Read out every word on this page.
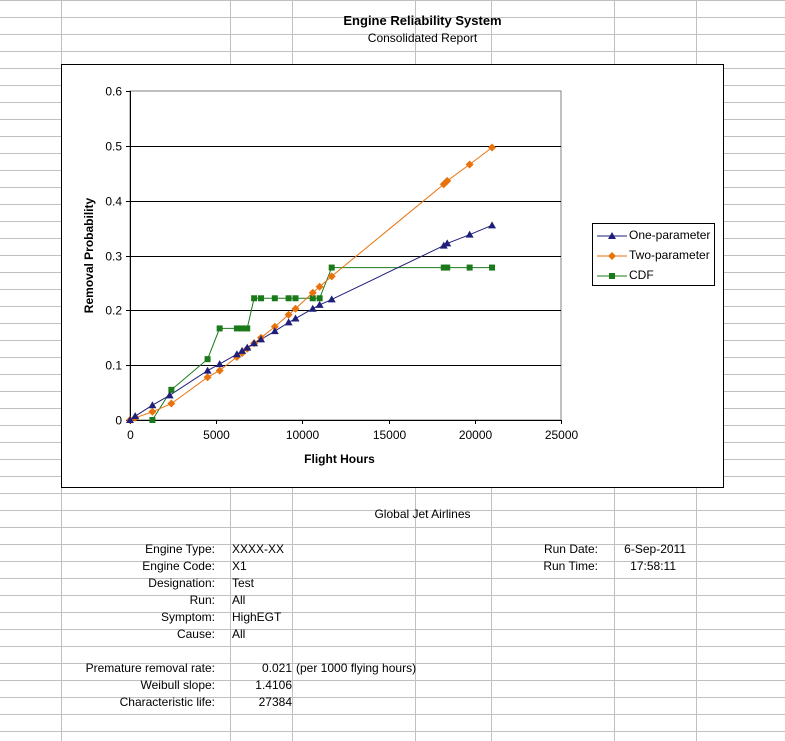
Engine Reliability System
Consolidated Report
0
0.1
0.2
0.3
0.4
0.5
0.6
0	5000	10000	15000	20000	25000
Flight Hours
Removal Probability	One-parameter
Two-parameter
CDF
Global Jet Airlines
Engine Type: XXXX-XX
Engine Code: X1
Designation: Test
Run: All
Symptom: HighEGT
Cause: All
Run Date:	6-Sep-2011
Run Time:	17:58:11
Premature removal rate:	0.021 (per 1000 flying hours)
Weibull slope:	1.4106
Characteristic life:	27384
